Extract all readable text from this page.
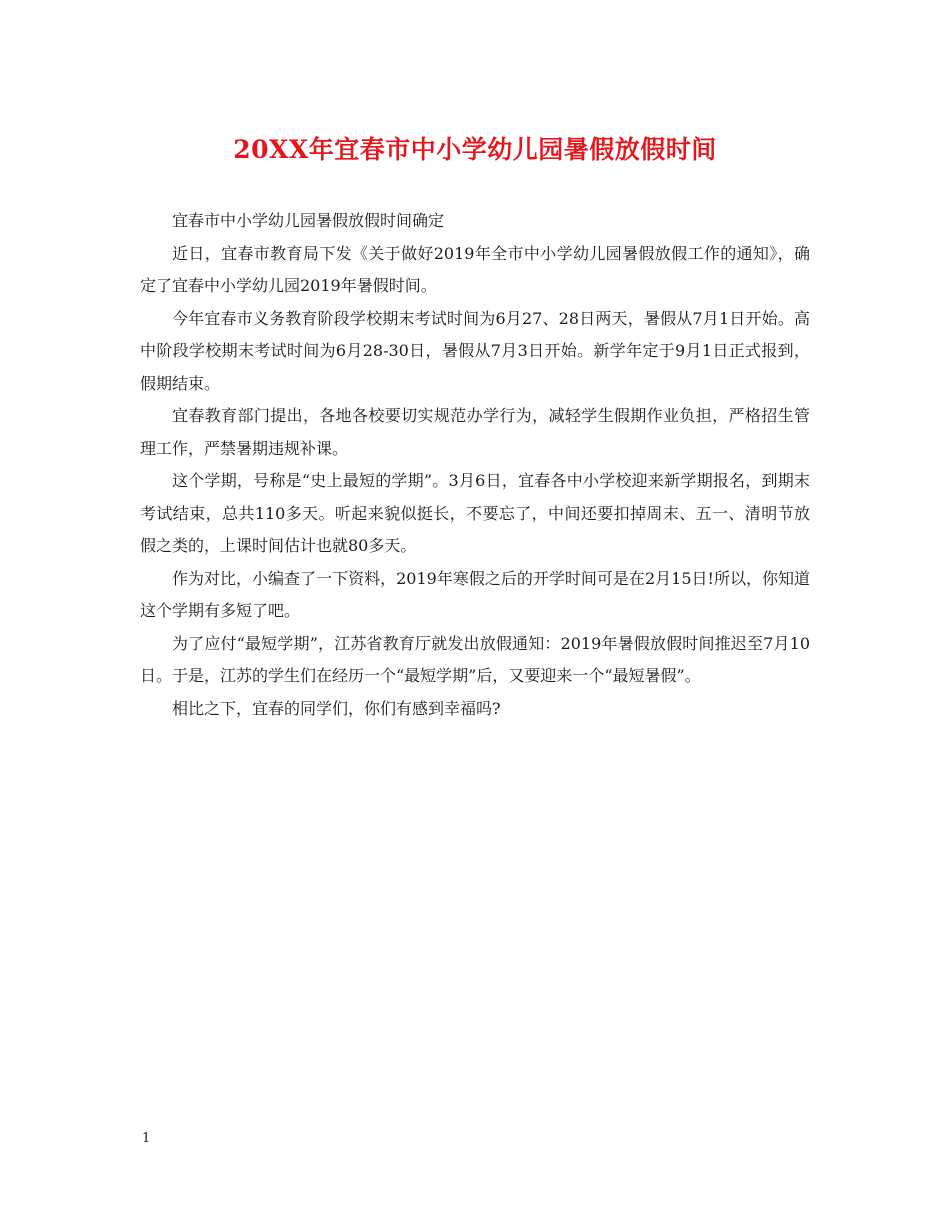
20XX年宜春市中小学幼儿园暑假放假时间

宜春市中小学幼儿园暑假放假时间确定

近日，宜春市教育局下发《关于做好2019年全市中小学幼儿园暑假放假工作的通知》，确定了宜春中小学幼儿园2019年暑假时间。

今年宜春市义务教育阶段学校期末考试时间为6月27、28日两天，暑假从7月1日开始。高中阶段学校期末考试时间为6月28-30日，暑假从7月3日开始。新学年定于9月1日正式报到，假期结束。

宜春教育部门提出，各地各校要切实规范办学行为，减轻学生假期作业负担，严格招生管理工作，严禁暑期违规补课。

这个学期，号称是“史上最短的学期”。3月6日，宜春各中小学校迎来新学期报名，到期末考试结束，总共110多天。听起来貌似挺长，不要忘了，中间还要扣掉周末、五一、清明节放假之类的，上课时间估计也就80多天。

作为对比，小编查了一下资料，2019年寒假之后的开学时间可是在2月15日!所以，你知道这个学期有多短了吧。

为了应付“最短学期”，江苏省教育厅就发出放假通知：2019年暑假放假时间推迟至7月10日。于是，江苏的学生们在经历一个“最短学期”后，又要迎来一个“最短暑假”。

相比之下，宜春的同学们，你们有感到幸福吗?

1
